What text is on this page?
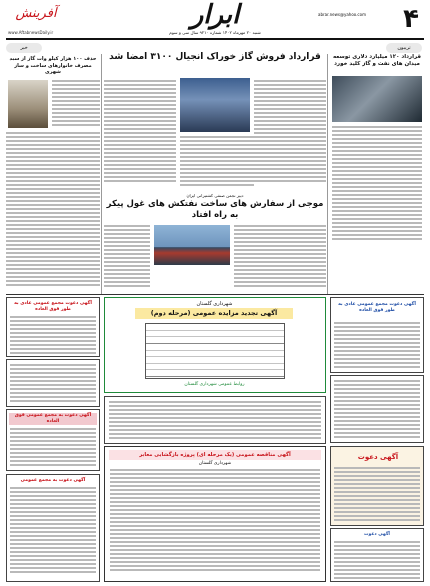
۴
abrar.news@yahoo.com
ابرار
آفرینش
www.AftabnewsDaily.ir	شنبه ۲۰ مهرماه ۱۴۰۲ شماره ۹۲۱۰ سال سی و سوم
تریبون
خبر
قرارداد ۱۲۰ میلیارد دلاری توسعه میدان های نفت و گاز کلید خورد
قرارداد فروش گاز خوراک انجیال ۳۱۰۰ امضا شد
دبیر نجمن صنفی کشتیرانی ایران
موجی از سفارش های ساخت نفتکش های غول پیکر به راه افتاد
حذف ۱۰۰ هزار کیلو وات گاز از سبد مصرف خانوارهای ساخت و ساز شهری
آگهی دعوت مجمع عمومی عادی به طور فوق العاده
آگهی دعوت
آگهی دعوت
شهرداری گلستان
آگهی تجدید مزایده عمومی (مرحله دوم)
روابط عمومی شهرداری گلستان
آگهی مناقصه عمومی (یک مرحله ای) پروژه بازگشایی معابر
شهرداری گلستان
آگهی دعوت مجمع عمومی عادی به طور فوق العاده
آگهی دعوت به مجمع عمومی فوق العاده
آگهی دعوت به مجمع عمومی
